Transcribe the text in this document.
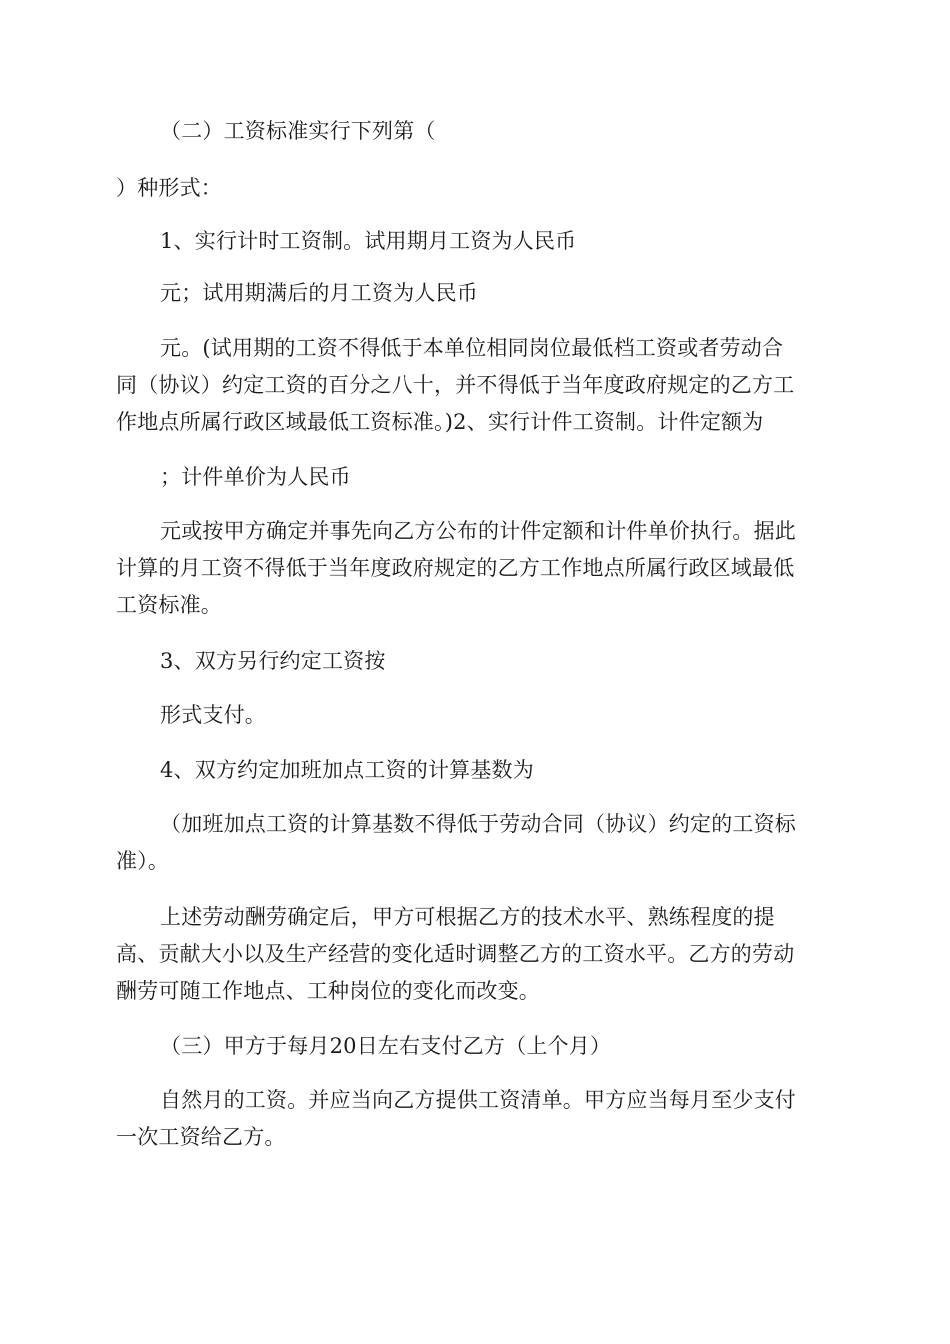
（二）工资标准实行下列第（
）种形式：
1、实行计时工资制。试用期月工资为人民币
元；试用期满后的月工资为人民币
元。(试用期的工资不得低于本单位相同岗位最低档工资或者劳动合
同（协议）约定工资的百分之八十，并不得低于当年度政府规定的乙方工
作地点所属行政区域最低工资标准。)2、实行计件工资制。计件定额为
；计件单价为人民币
元或按甲方确定并事先向乙方公布的计件定额和计件单价执行。据此
计算的月工资不得低于当年度政府规定的乙方工作地点所属行政区域最低
工资标准。
3、双方另行约定工资按
形式支付。
4、双方约定加班加点工资的计算基数为
（加班加点工资的计算基数不得低于劳动合同（协议）约定的工资标
准）。
上述劳动酬劳确定后，甲方可根据乙方的技术水平、熟练程度的提
高、贡献大小以及生产经营的变化适时调整乙方的工资水平。乙方的劳动
酬劳可随工作地点、工种岗位的变化而改变。
（三）甲方于每月20日左右支付乙方（上个月）
自然月的工资。并应当向乙方提供工资清单。甲方应当每月至少支付
一次工资给乙方。
